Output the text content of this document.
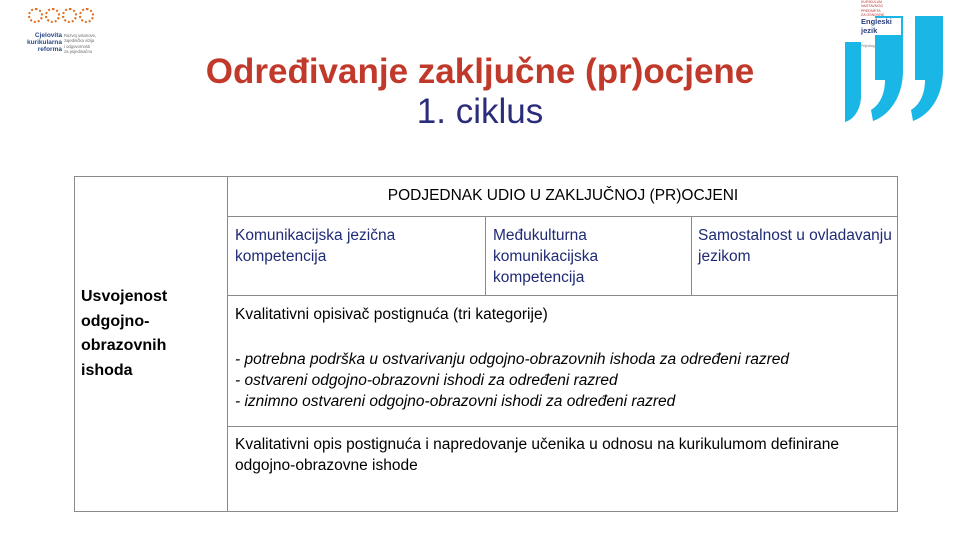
Cjelovita
kurikularna
reforma
Razvoj ustanove,
zajednička vizija
i odgovornosti
za pojedinačnu
KURIKULUM
NASTAVNOG
PREDMETA
ZA OSNOVNE
Engleski
jezik
Prijedlog
Određivanje zaključne (pr)ocjene
1. ciklus
Usvojenost odgojno-obrazovnih ishoda
PODJEDNAK UDIO U ZAKLJUČNOJ (PR)OCJENI
Komunikacijska jezična kompetencija
Međukulturna komunikacijska kompetencija
Samostalnost u ovladavanju jezikom
Kvalitativni opisivač postignuća (tri kategorije)
- potrebna podrška u ostvarivanju odgojno-obrazovnih ishoda za određeni razred
- ostvareni odgojno-obrazovni ishodi za određeni razred
- iznimno ostvareni odgojno-obrazovni ishodi za određeni razred
Kvalitativni opis postignuća i napredovanje učenika u odnosu na kurikulumom definirane odgojno-obrazovne ishode
